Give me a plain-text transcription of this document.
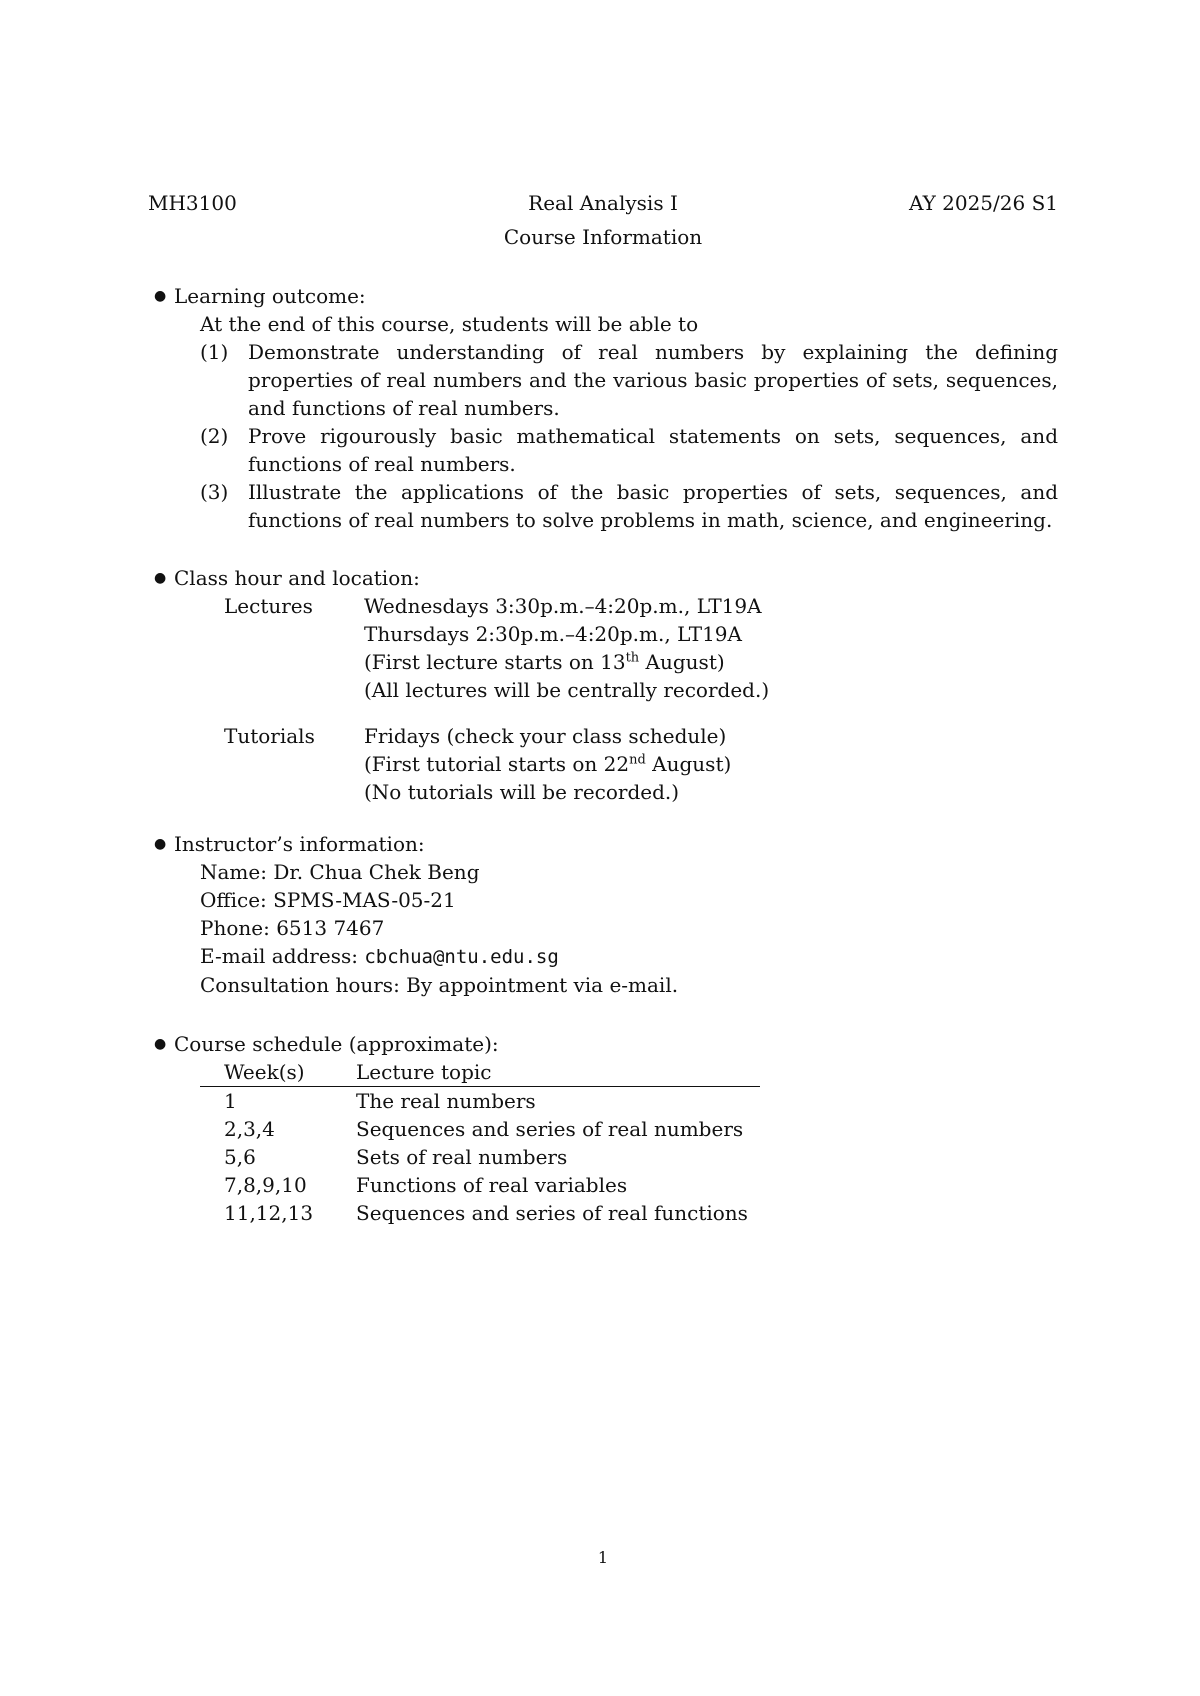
MH3100	Real Analysis I	AY 2025/26 S1
Course Information
● Learning outcome:
At the end of this course, students will be able to
(1) Demonstrate understanding of real numbers by explaining the defining properties of real numbers and the various basic properties of sets, sequences, and functions of real numbers.
(2) Prove rigourously basic mathematical statements on sets, sequences, and functions of real numbers.
(3) Illustrate the applications of the basic properties of sets, sequences, and functions of real numbers to solve problems in math, science, and engineering.
● Class hour and location:
Lectures	Wednesdays 3:30p.m.–4:20p.m., LT19A
Thursdays 2:30p.m.–4:20p.m., LT19A
(First lecture starts on 13th August)
(All lectures will be centrally recorded.)
Tutorials Fridays (check your class schedule)
(First tutorial starts on 22nd August)
(No tutorials will be recorded.)
● Instructor’s information:
Name: Dr. Chua Chek Beng
Office: SPMS-MAS-05-21
Phone: 6513 7467
E-mail address: cbchua@ntu.edu.sg
Consultation hours: By appointment via e-mail.
● Course schedule (approximate):
Week(s)	Lecture topic
1	The real numbers
2,3,4	Sequences and series of real numbers
5,6	Sets of real numbers
7,8,9,10	Functions of real variables
11,12,13	Sequences and series of real functions
1
